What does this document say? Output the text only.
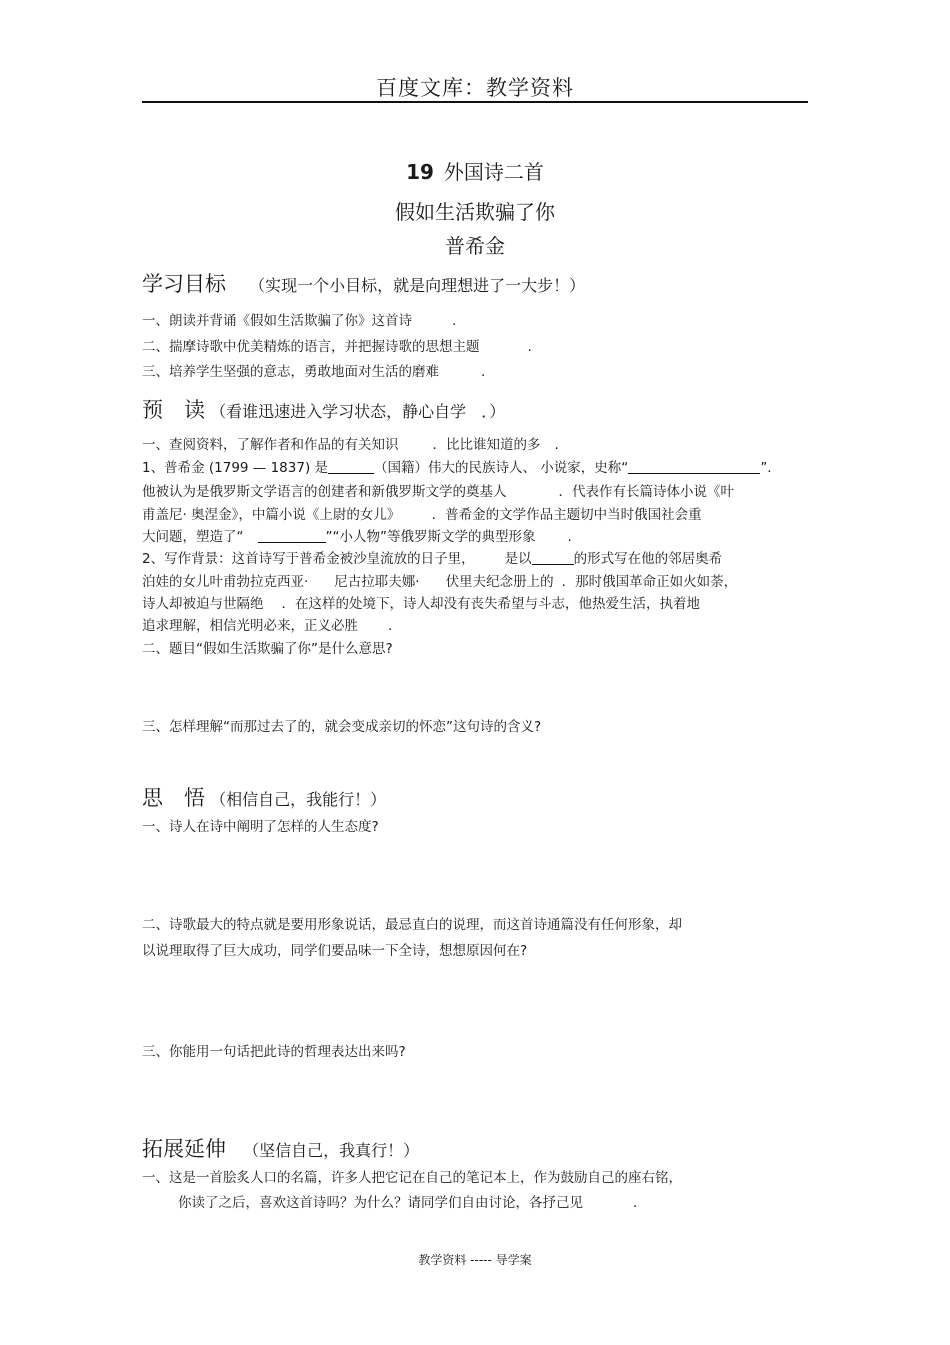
百度文库：教学资料
19 外国诗二首
假如生活欺骗了你
普希金
学习目标 （实现一个小目标，就是向理想进了一大步！）
一、朗读并背诵《假如生活欺骗了你》这首诗	.
二、揣摩诗歌中优美精炼的语言，并把握诗歌的思想主题	.
三、培养学生坚强的意志，勇敢地面对生活的磨难	.
预　读 （看谁迅速进入学习状态，静心自学 ．）
一、查阅资料，了解作者和作品的有关知识	．比比谁知道的多 .
1、普希金 (1799 — 1837) 是	（国籍）伟大的民族诗人、 小说家，史称“	”.
他被认为是俄罗斯文学语言的创建者和新俄罗斯文学的奠基人	．代表作有长篇诗体小说《叶
甫盖尼· 奥涅金》，中篇小说《上尉的女儿》	．普希金的文学作品主题切中当时俄国社会重
大问题，塑造了“	”“小人物”等俄罗斯文学的典型形象 .
2、写作背景：这首诗写于普希金被沙皇流放的日子里， 是以	的形式写在他的邻居奥希
泊娃的女儿叶甫勃拉克西亚· 尼古拉耶夫娜· 伏里夫纪念册上的 ．那时俄国革命正如火如荼，
诗人却被迫与世隔绝 ．在这样的处境下，诗人却没有丧失希望与斗志，他热爱生活，执着地
追求理解，相信光明必来，正义必胜 .
二、题目“假如生活欺骗了你”是什么意思?
三、怎样理解“而那过去了的，就会变成亲切的怀恋”这句诗的含义?
思　悟 （相信自己，我能行！）
一、诗人在诗中阐明了怎样的人生态度?
二、诗歌最大的特点就是要用形象说话，最忌直白的说理，而这首诗通篇没有任何形象，却
以说理取得了巨大成功，同学们要品味一下全诗，想想原因何在?
三、你能用一句话把此诗的哲理表达出来吗?
拓展延伸 （坚信自己，我真行！）
一、这是一首脍炙人口的名篇，许多人把它记在自己的笔记本上，作为鼓励自己的座右铭，
你读了之后，喜欢这首诗吗？为什么？请同学们自由讨论，各抒己见	．
教学资料 ----- 导学案
